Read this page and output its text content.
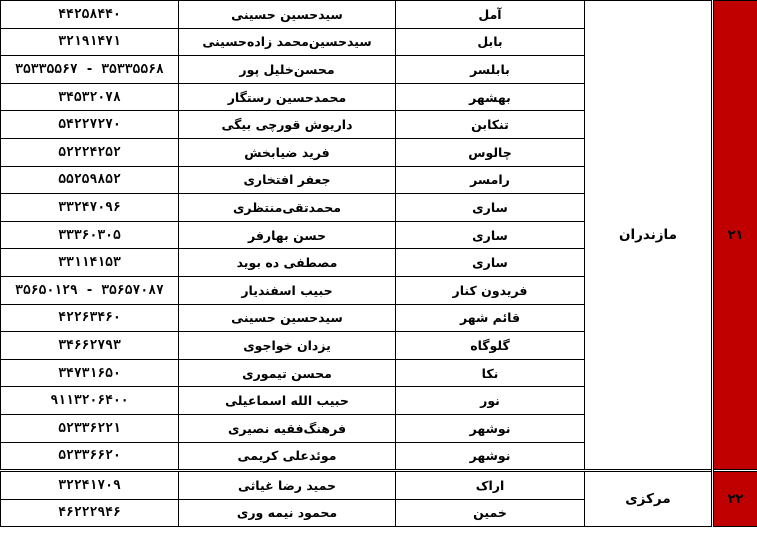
۴۴۲۵۸۴۴۰	سیدحسین حسینی	آمل	مازندران	۲۱
۳۲۱۹۱۴۷۱	سیدحسین‌محمد زاده‌حسینی	بابل		
۳۵۳۳۵۵۶۷ - ۳۵۳۳۵۵۶۸	محسن‌خلیل پور	بابلسر		
۳۴۵۳۲۰۷۸	محمدحسین رستگار	بهشهر		
۵۴۲۲۷۲۷۰	داریوش قورچی بیگی	تنکابن		
۵۲۲۲۴۲۵۲	فرید ضیابخش	چالوس		
۵۵۲۵۹۸۵۲	جعفر افتخاری	رامسر		
۳۳۲۴۷۰۹۶	محمدتقی‌منتظری	ساری		
۳۳۳۶۰۳۰۵	حسن بهارفر	ساری		
۳۳۱۱۴۱۵۳	مصطفی ده بوید	ساری		
۳۵۶۵۰۱۲۹ - ۳۵۶۵۷۰۸۷	حبیب اسفندیار	فریدون کنار		
۴۲۲۶۳۴۶۰	سیدحسین حسینی	قائم شهر		
۳۴۶۶۲۷۹۳	یزدان خواجوی	گلوگاه		
۳۴۷۳۱۶۵۰	محسن تیموری	نکا		
۹۱۱۳۲۰۶۴۰۰	حبیب الله اسماعیلی	نور		
۵۲۳۳۶۲۲۱	فرهنگ‌فقیه نصیری	نوشهر		
۵۲۳۳۶۶۲۰	موئدعلی کریمی	نوشهر		
۳۲۲۴۱۷۰۹	حمید رضا غیاثی	اراک	مرکزی	۲۲
۴۶۲۲۲۹۴۶	محمود نیمه وری	خمین		
